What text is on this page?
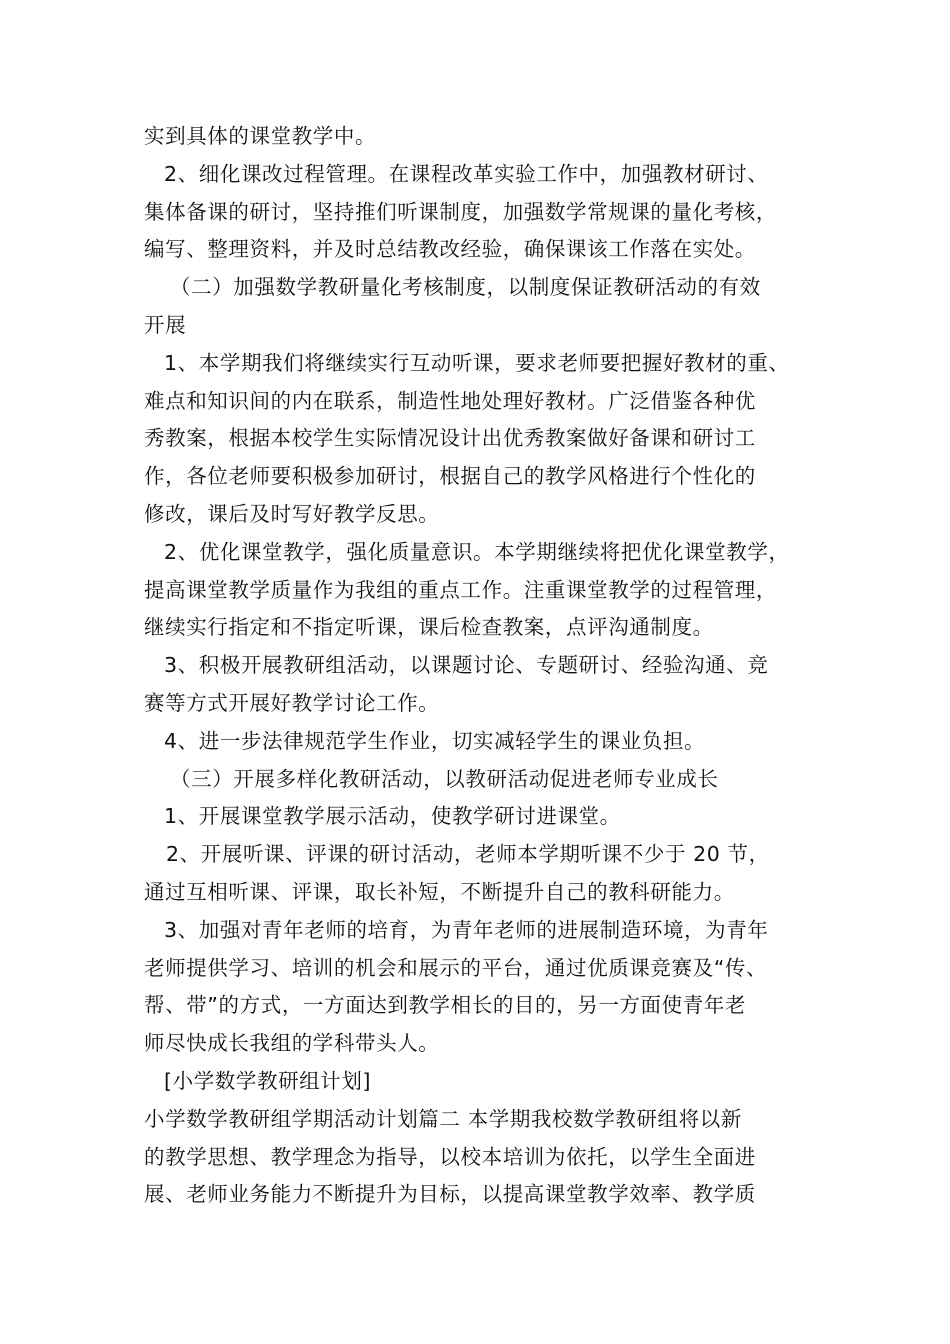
实到具体的课堂教学中。
2、细化课改过程管理。在课程改革实验工作中，加强教材研讨、
集体备课的研讨，坚持推们听课制度，加强数学常规课的量化考核，
编写、整理资料，并及时总结教改经验，确保课该工作落在实处。
（二）加强数学教研量化考核制度，以制度保证教研活动的有效
开展
1、本学期我们将继续实行互动听课，要求老师要把握好教材的重、
难点和知识间的内在联系，制造性地处理好教材。广泛借鉴各种优
秀教案，根据本校学生实际情况设计出优秀教案做好备课和研讨工
作，各位老师要积极参加研讨，根据自己的教学风格进行个性化的
修改，课后及时写好教学反思。
2、优化课堂教学，强化质量意识。本学期继续将把优化课堂教学，
提高课堂教学质量作为我组的重点工作。注重课堂教学的过程管理，
继续实行指定和不指定听课，课后检查教案，点评沟通制度。
3、积极开展教研组活动，以课题讨论、专题研讨、经验沟通、竞
赛等方式开展好教学讨论工作。
4、进一步法律规范学生作业，切实减轻学生的课业负担。
（三）开展多样化教研活动，以教研活动促进老师专业成长
1、开展课堂教学展示活动，使教学研讨进课堂。
2、开展听课、评课的研讨活动，老师本学期听课不少于 20 节，
通过互相听课、评课，取长补短，不断提升自己的教科研能力。
3、加强对青年老师的培育，为青年老师的进展制造环境，为青年
老师提供学习、培训的机会和展示的平台，通过优质课竞赛及“传、
帮、带”的方式，一方面达到教学相长的目的，另一方面使青年老
师尽快成长我组的学科带头人。
[小学数学教研组计划]
小学数学教研组学期活动计划篇二 本学期我校数学教研组将以新
的教学思想、教学理念为指导，以校本培训为依托，以学生全面进
展、老师业务能力不断提升为目标，以提高课堂教学效率、教学质
